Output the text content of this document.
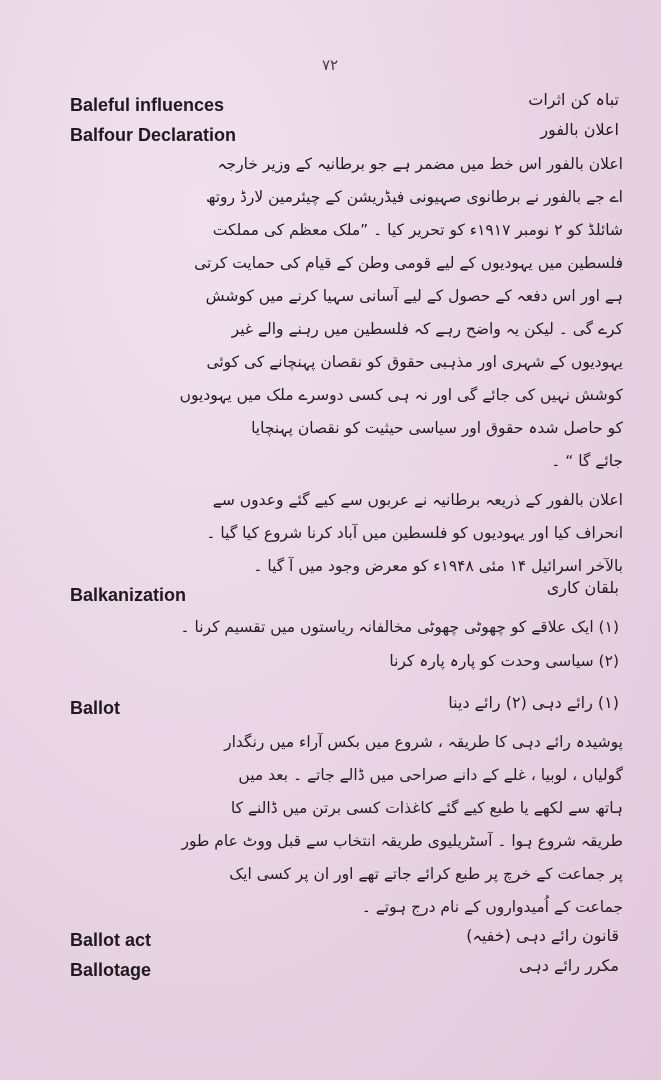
۷۲
Baleful influences	تباہ کن اثرات
Balfour Declaration	اعلان بالفور
اعلان بالفور اس خط میں مضمر ہے جو برطانیہ کے وزیر خارجہ
اے جے بالفور نے برطانوی صہیونی فیڈریشن کے چیئرمین لارڈ روتھ
شائلڈ کو ۲ نومبر ۱۹۱۷ء کو تحریر کیا ۔ ”ملک معظم کی مملکت
فلسطین میں یہودیوں کے لیے قومی وطن کے قیام کی حمایت کرتی
ہے اور اس دفعہ کے حصول کے لیے آسانی سہیا کرنے میں کوشش
کرے گی ۔ لیکن یہ واضح رہے کہ فلسطین میں رہنے والے غیر
یہودیوں کے شہری اور مذہبی حقوق کو نقصان پہنچانے کی کوئی
کوشش نہیں کی جائے گی اور نہ ہی کسی دوسرے ملک میں یہودیوں
کو حاصل شدہ حقوق اور سیاسی حیثیت کو نقصان پہنچایا
جائے گا “ ۔
اعلان بالفور کے ذریعہ برطانیہ نے عربوں سے کیے گئے وعدوں سے
انحراف کیا اور یہودیوں کو فلسطین میں آباد کرنا شروع کیا گیا ۔
بالآخر اسرائیل ۱۴ مئی ۱۹۴۸ء کو معرض وجود میں آ گیا ۔
Balkanization	بلقان کاری
(۱) ایک علاقے کو چھوٹی چھوٹی مخالفانہ ریاستوں میں تقسیم کرنا ۔
(۲) سیاسی وحدت کو پارہ پارہ کرنا
Ballot	(۱) رائے دہی (۲) رائے دینا
پوشیدہ رائے دہی کا طریقہ ، شروع میں بکس آراء میں رنگدار
گولیاں ، لوبیا ، غلے کے دانے صراحی میں ڈالے جاتے ۔ بعد میں
ہاتھ سے لکھے یا طبع کیے گئے کاغذات کسی برتن میں ڈالنے کا
طریقہ شروع ہوا ۔ آسٹریلیوی طریقہ انتخاب سے قبل ووٹ عام طور
پر جماعت کے خرچ پر طبع کرائے جاتے تھے اور ان پر کسی ایک
جماعت کے اُمیدواروں کے نام درج ہوتے ۔
Ballot act	قانون رائے دہی (خفیہ)
Ballotage	مکرر رائے دہی
